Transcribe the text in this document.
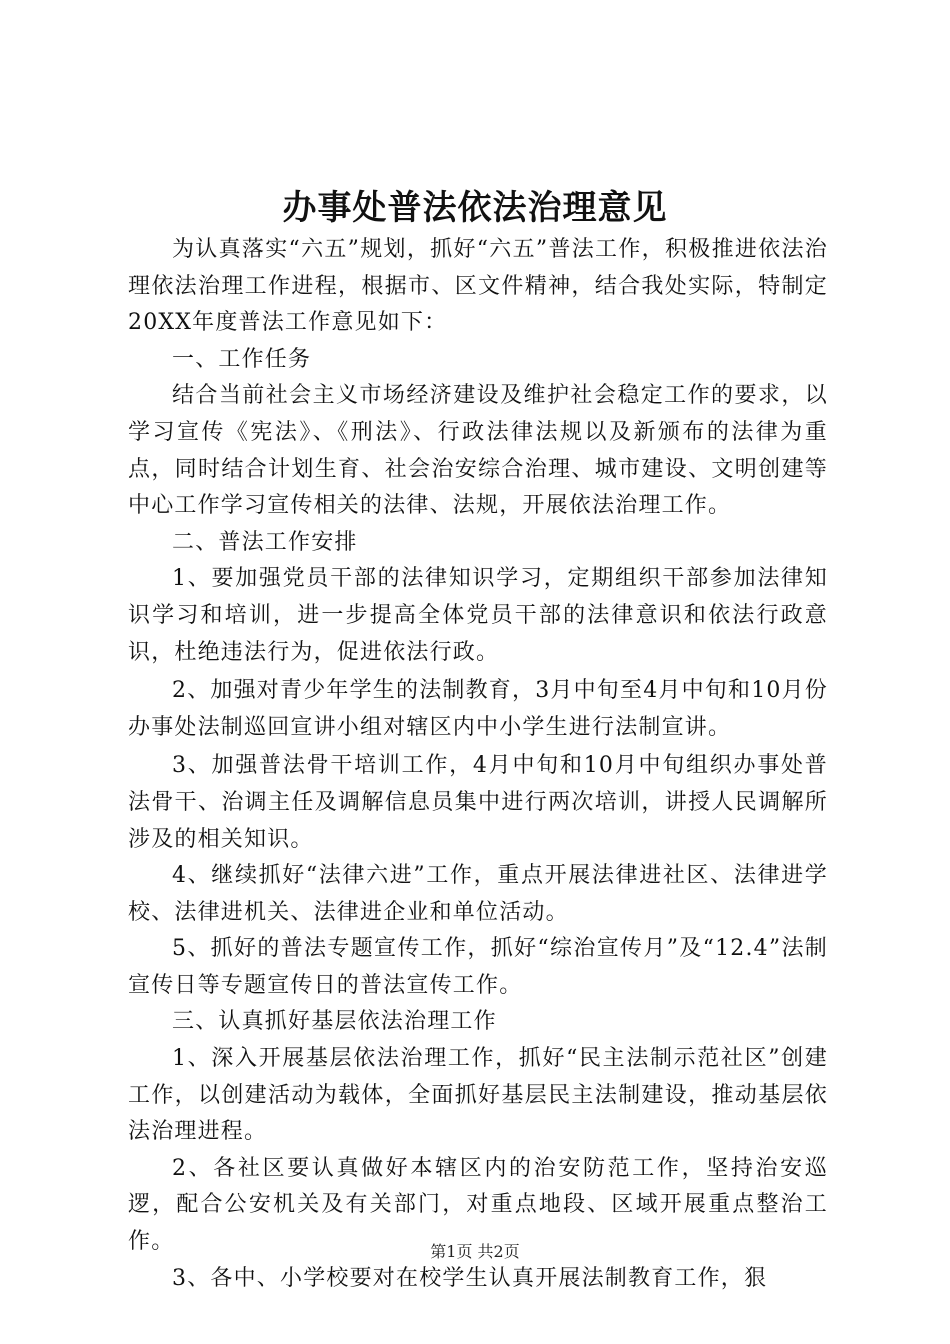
办事处普法依法治理意见

为认真落实“六五”规划，抓好“六五”普法工作，积极推进依法治理依法治理工作进程，根据市、区文件精神，结合我处实际，特制定20XX年度普法工作意见如下：

一、工作任务

结合当前社会主义市场经济建设及维护社会稳定工作的要求，以学习宣传《宪法》、《刑法》、行政法律法规以及新颁布的法律为重点，同时结合计划生育、社会治安综合治理、城市建设、文明创建等中心工作学习宣传相关的法律、法规，开展依法治理工作。

二、普法工作安排

1、要加强党员干部的法律知识学习，定期组织干部参加法律知识学习和培训，进一步提高全体党员干部的法律意识和依法行政意识，杜绝违法行为，促进依法行政。

2、加强对青少年学生的法制教育，3月中旬至4月中旬和10月份办事处法制巡回宣讲小组对辖区内中小学生进行法制宣讲。

3、加强普法骨干培训工作，4月中旬和10月中旬组织办事处普法骨干、治调主任及调解信息员集中进行两次培训，讲授人民调解所涉及的相关知识。

4、继续抓好“法律六进”工作，重点开展法律进社区、法律进学校、法律进机关、法律进企业和单位活动。

5、抓好的普法专题宣传工作，抓好“综治宣传月”及“12.4”法制宣传日等专题宣传日的普法宣传工作。

三、认真抓好基层依法治理工作

1、深入开展基层依法治理工作，抓好“民主法制示范社区”创建工作，以创建活动为载体，全面抓好基层民主法制建设，推动基层依法治理进程。

2、各社区要认真做好本辖区内的治安防范工作，坚持治安巡逻，配合公安机关及有关部门，对重点地段、区域开展重点整治工作。

3、各中、小学校要对在校学生认真开展法制教育工作，狠

第1页 共2页
